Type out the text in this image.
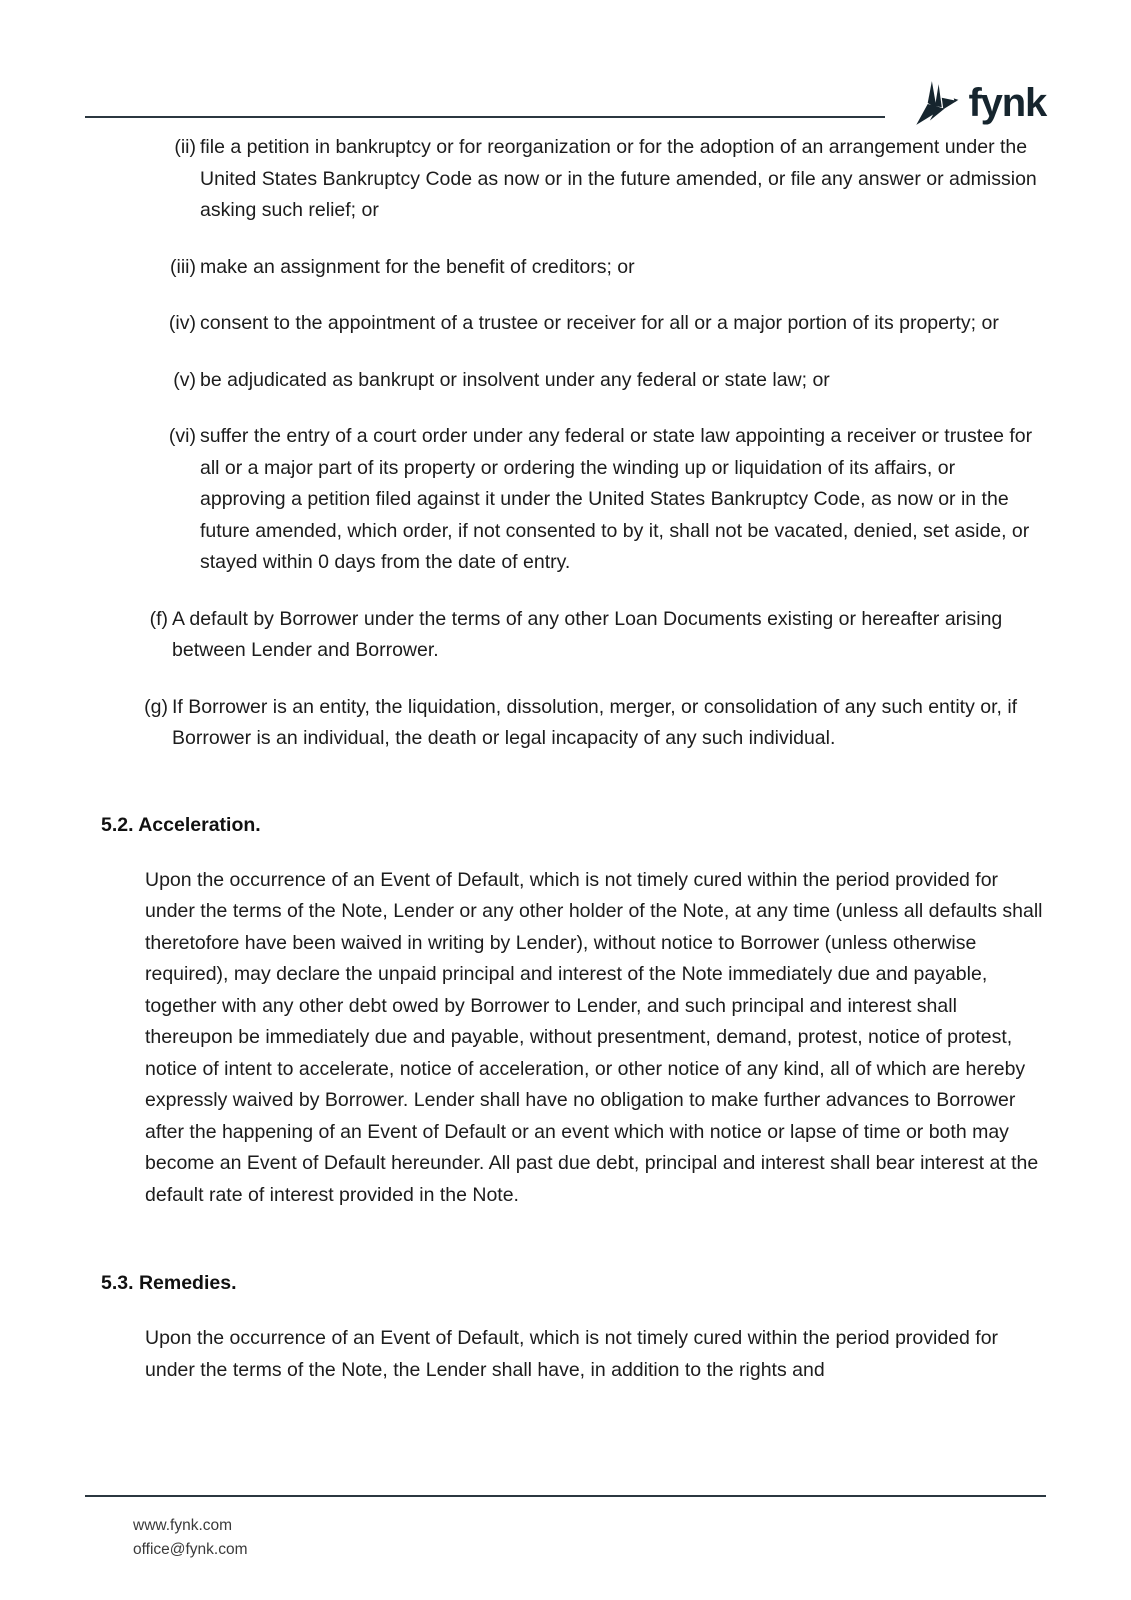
fynk
(ii) file a petition in bankruptcy or for reorganization or for the adoption of an arrangement under the United States Bankruptcy Code as now or in the future amended, or file any answer or admission asking such relief; or
(iii) make an assignment for the benefit of creditors; or
(iv) consent to the appointment of a trustee or receiver for all or a major portion of its property; or
(v) be adjudicated as bankrupt or insolvent under any federal or state law; or
(vi) suffer the entry of a court order under any federal or state law appointing a receiver or trustee for all or a major part of its property or ordering the winding up or liquidation of its affairs, or approving a petition filed against it under the United States Bankruptcy Code, as now or in the future amended, which order, if not consented to by it, shall not be vacated, denied, set aside, or stayed within 0 days from the date of entry.
(f) A default by Borrower under the terms of any other Loan Documents existing or hereafter arising between Lender and Borrower.
(g) If Borrower is an entity, the liquidation, dissolution, merger, or consolidation of any such entity or, if Borrower is an individual, the death or legal incapacity of any such individual.
5.2. Acceleration.

Upon the occurrence of an Event of Default, which is not timely cured within the period provided for under the terms of the Note, Lender or any other holder of the Note, at any time (unless all defaults shall theretofore have been waived in writing by Lender), without notice to Borrower (unless otherwise required), may declare the unpaid principal and interest of the Note immediately due and payable, together with any other debt owed by Borrower to Lender, and such principal and interest shall thereupon be immediately due and payable, without presentment, demand, protest, notice of protest, notice of intent to accelerate, notice of acceleration, or other notice of any kind, all of which are hereby expressly waived by Borrower. Lender shall have no obligation to make further advances to Borrower after the happening of an Event of Default or an event which with notice or lapse of time or both may become an Event of Default hereunder. All past due debt, principal and interest shall bear interest at the default rate of interest provided in the Note.

5.3. Remedies.

Upon the occurrence of an Event of Default, which is not timely cured within the period provided for under the terms of the Note, the Lender shall have, in addition to the rights and

www.fynk.com
office@fynk.com
